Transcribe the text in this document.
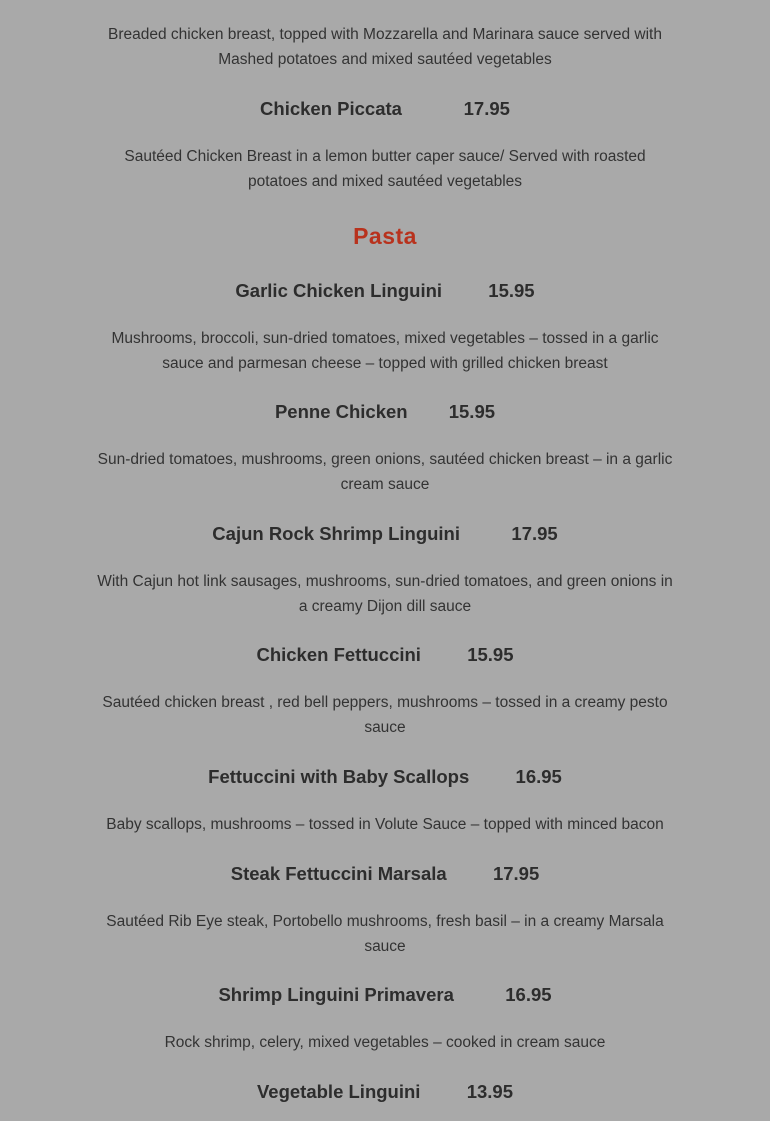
Breaded chicken breast, topped with Mozzarella and Marinara sauce served with Mashed potatoes and mixed sautéed vegetables
Chicken Piccata	17.95
Sautéed Chicken Breast in a lemon butter caper sauce/ Served with roasted potatoes and mixed sautéed vegetables
Pasta
Garlic Chicken Linguini	15.95
Mushrooms, broccoli, sun-dried tomatoes, mixed vegetables – tossed in a garlic sauce and parmesan cheese – topped with grilled chicken breast
Penne Chicken 15.95
Sun-dried tomatoes, mushrooms, green onions, sautéed chicken breast – in a garlic cream sauce
Cajun Rock Shrimp Linguini	17.95
With Cajun hot link sausages, mushrooms, sun-dried tomatoes, and green onions in a creamy Dijon dill sauce
Chicken Fettuccini	15.95
Sautéed chicken breast , red bell peppers, mushrooms – tossed in a creamy pesto sauce
Fettuccini with Baby Scallops	16.95
Baby scallops, mushrooms – tossed in Volute Sauce – topped with minced bacon
Steak Fettuccini Marsala	17.95
Sautéed Rib Eye steak, Portobello mushrooms, fresh basil – in a creamy Marsala sauce
Shrimp Linguini Primavera	16.95
Rock shrimp, celery, mixed vegetables – cooked in cream sauce
Vegetable Linguini	13.95
